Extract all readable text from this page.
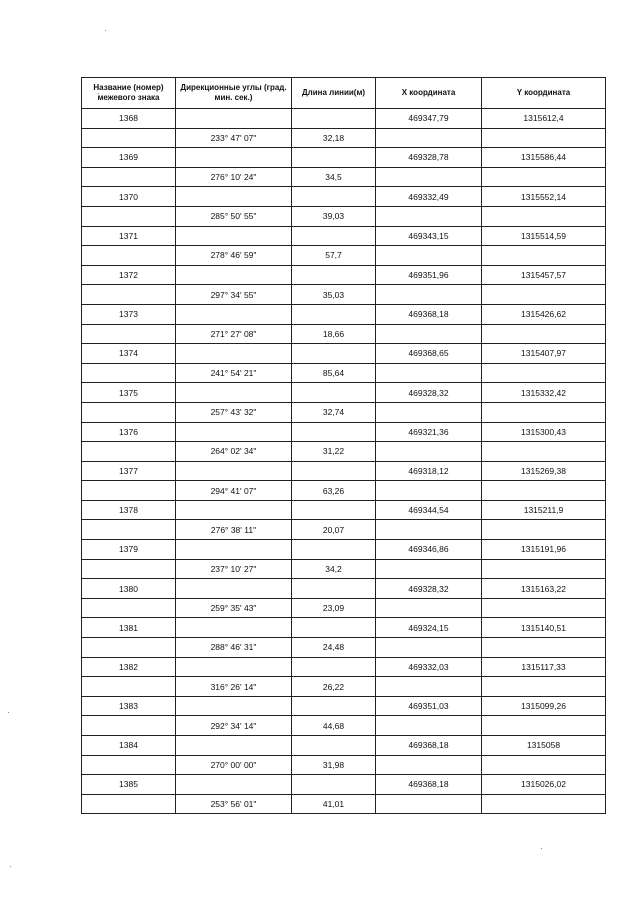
Название (номер) межевого знака	Дирекционные углы (град. мин. сек.)	Длина линии(м)	X координата	Y координата
1368			469347,79	1315612,4
	233° 47' 07"	32,18		
1369			469328,78	1315586,44
	276° 10' 24"	34,5		
1370			469332,49	1315552,14
	285° 50' 55"	39,03		
1371			469343,15	1315514,59
	278° 46' 59"	57,7		
1372			469351,96	1315457,57
	297° 34' 55"	35,03		
1373			469368,18	1315426,62
	271° 27' 08"	18,66		
1374			469368,65	1315407,97
	241° 54' 21"	85,64		
1375			469328,32	1315332,42
	257° 43' 32"	32,74		
1376			469321,36	1315300,43
	264° 02' 34"	31,22		
1377			469318,12	1315269,38
	294° 41' 07"	63,26		
1378			469344,54	1315211,9
	276° 38' 11"	20,07		
1379			469346,86	1315191,96
	237° 10' 27"	34,2		
1380			469328,32	1315163,22
	259° 35' 43"	23,09		
1381			469324,15	1315140,51
	288° 46' 31"	24,48		
1382			469332,03	1315117,33
	316° 26' 14"	26,22		
1383			469351,03	1315099,26
	292° 34' 14"	44,68		
1384			469368,18	1315058
	270° 00' 00"	31,98		
1385			469368,18	1315026,02
	253° 56' 01"	41,01		
